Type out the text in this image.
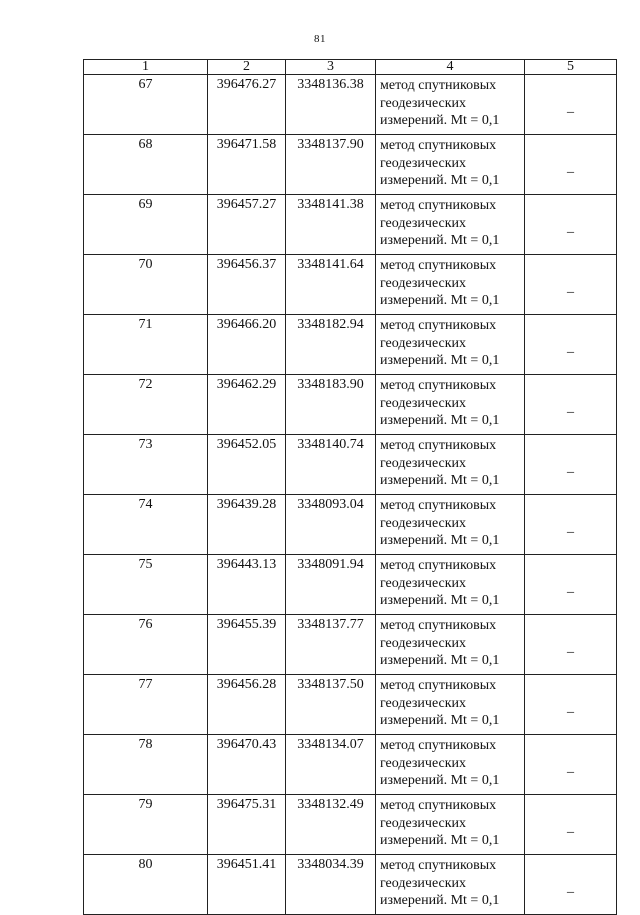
81
1	2	3	4	5
67	396476.27	3348136.38	метод спутниковых
геодезических
измерений. Mt = 0,1	_
68	396471.58	3348137.90	метод спутниковых
геодезических
измерений. Mt = 0,1	_
69	396457.27	3348141.38	метод спутниковых
геодезических
измерений. Mt = 0,1	_
70	396456.37	3348141.64	метод спутниковых
геодезических
измерений. Mt = 0,1	_
71	396466.20	3348182.94	метод спутниковых
геодезических
измерений. Mt = 0,1	_
72	396462.29	3348183.90	метод спутниковых
геодезических
измерений. Mt = 0,1	_
73	396452.05	3348140.74	метод спутниковых
геодезических
измерений. Mt = 0,1	_
74	396439.28	3348093.04	метод спутниковых
геодезических
измерений. Mt = 0,1	_
75	396443.13	3348091.94	метод спутниковых
геодезических
измерений. Mt = 0,1	_
76	396455.39	3348137.77	метод спутниковых
геодезических
измерений. Mt = 0,1	_
77	396456.28	3348137.50	метод спутниковых
геодезических
измерений. Mt = 0,1	_
78	396470.43	3348134.07	метод спутниковых
геодезических
измерений. Mt = 0,1	_
79	396475.31	3348132.49	метод спутниковых
геодезических
измерений. Mt = 0,1	_
80	396451.41	3348034.39	метод спутниковых
геодезических
измерений. Mt = 0,1	_
